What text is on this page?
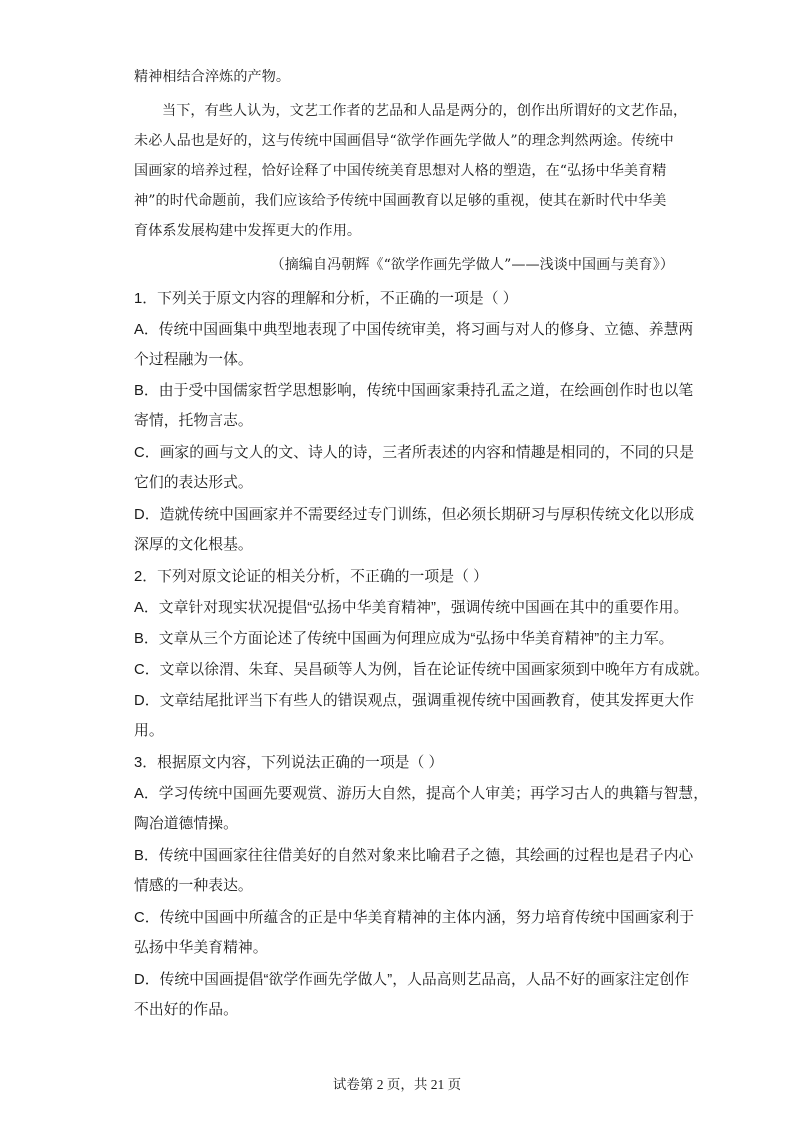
精神相结合淬炼的产物。
当下，有些人认为，文艺工作者的艺品和人品是两分的，创作出所谓好的文艺作品，
未必人品也是好的，这与传统中国画倡导“欲学作画先学做人”的理念判然两途。传统中
国画家的培养过程，恰好诠释了中国传统美育思想对人格的塑造，在“弘扬中华美育精
神”的时代命题前，我们应该给予传统中国画教育以足够的重视，使其在新时代中华美
育体系发展构建中发挥更大的作用。
（摘编自冯朝辉《“欲学作画先学做人”——浅谈中国画与美育》）
1．下列关于原文内容的理解和分析，不正确的一项是（ ）
A．传统中国画集中典型地表现了中国传统审美，将习画与对人的修身、立德、养慧两
个过程融为一体。
B．由于受中国儒家哲学思想影响，传统中国画家秉持孔孟之道，在绘画创作时也以笔
寄情，托物言志。
C．画家的画与文人的文、诗人的诗，三者所表述的内容和情趣是相同的，不同的只是
它们的表达形式。
D．造就传统中国画家并不需要经过专门训练，但必须长期研习与厚积传统文化以形成
深厚的文化根基。
2．下列对原文论证的相关分析，不正确的一项是（ ）
A．文章针对现实状况提倡“弘扬中华美育精神”，强调传统中国画在其中的重要作用。
B．文章从三个方面论述了传统中国画为何理应成为“弘扬中华美育精神”的主力军。
C．文章以徐渭、朱耷、吴昌硕等人为例，旨在论证传统中国画家须到中晚年方有成就。
D．文章结尾批评当下有些人的错误观点，强调重视传统中国画教育，使其发挥更大作
用。
3．根据原文内容，下列说法正确的一项是（ ）
A．学习传统中国画先要观赏、游历大自然，提高个人审美；再学习古人的典籍与智慧，
陶冶道德情操。
B．传统中国画家往往借美好的自然对象来比喻君子之德，其绘画的过程也是君子内心
情感的一种表达。
C．传统中国画中所蕴含的正是中华美育精神的主体内涵，努力培育传统中国画家利于
弘扬中华美育精神。
D．传统中国画提倡“欲学作画先学做人”，人品高则艺品高，人品不好的画家注定创作
不出好的作品。
试卷第 2 页，共 21 页
